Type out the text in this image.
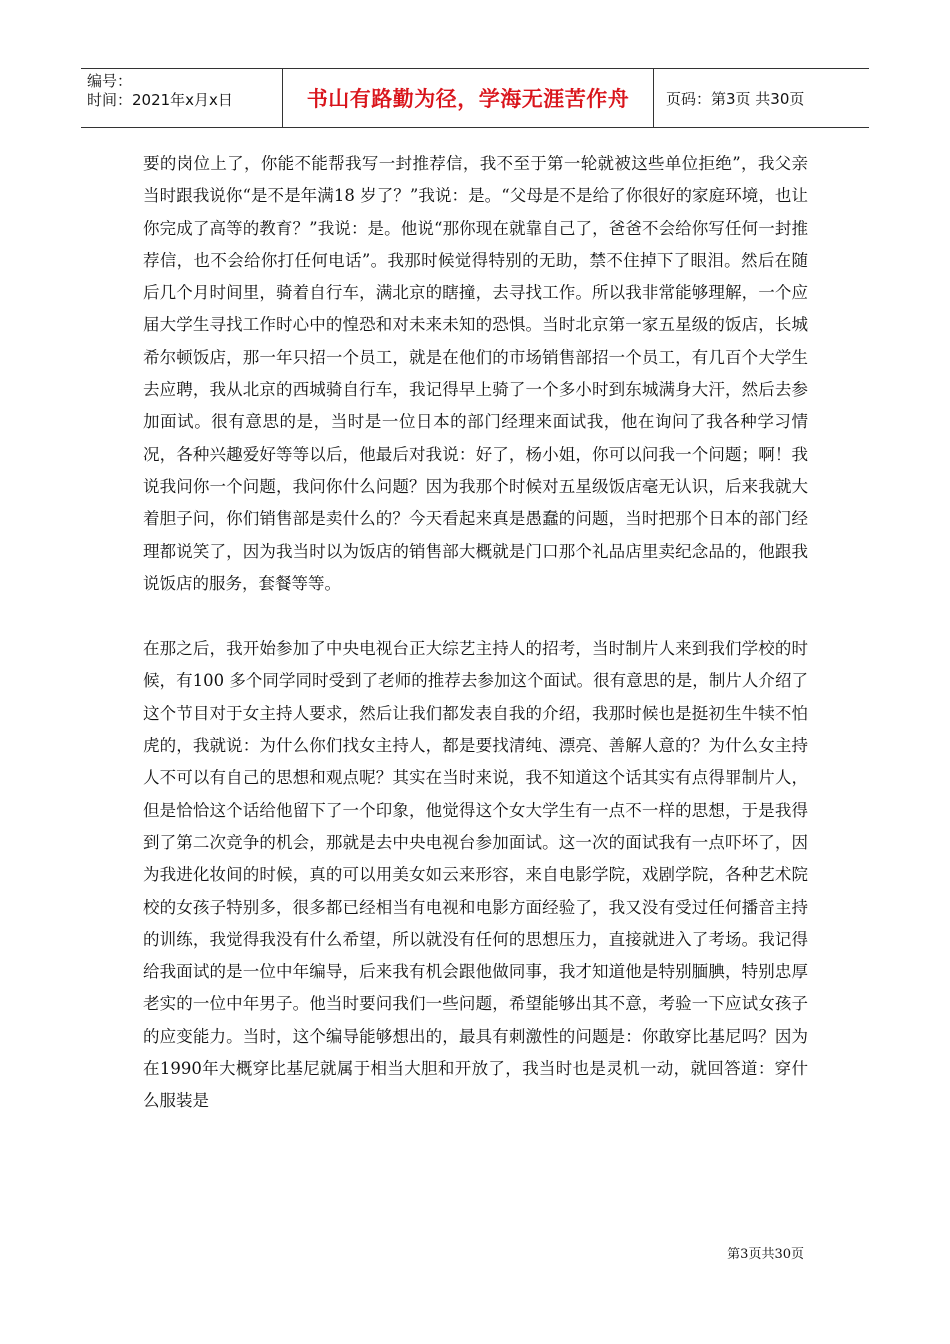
编号：
时间：2021年x月x日	书山有路勤为径，学海无涯苦作舟	页码：第3页 共30页

要的岗位上了，你能不能帮我写一封推荐信，我不至于第一轮就被这些单位拒绝”，我父亲当时跟我说你“是不是年满18 岁了？”我说：是。“父母是不是给了你很好的家庭环境，也让你完成了高等的教育？”我说：是。他说“那你现在就靠自己了，爸爸不会给你写任何一封推荐信，也不会给你打任何电话”。我那时候觉得特别的无助，禁不住掉下了眼泪。然后在随后几个月时间里，骑着自行车，满北京的瞎撞，去寻找工作。所以我非常能够理解，一个应届大学生寻找工作时心中的惶恐和对未来未知的恐惧。当时北京第一家五星级的饭店，长城希尔顿饭店，那一年只招一个员工，就是在他们的市场销售部招一个员工，有几百个大学生去应聘，我从北京的西城骑自行车，我记得早上骑了一个多小时到东城满身大汗，然后去参加面试。很有意思的是，当时是一位日本的部门经理来面试我，他在询问了我各种学习情况，各种兴趣爱好等等以后，他最后对我说：好了，杨小姐，你可以问我一个问题；啊！我说我问你一个问题，我问你什么问题？因为我那个时候对五星级饭店毫无认识，后来我就大着胆子问，你们销售部是卖什么的？今天看起来真是愚蠢的问题，当时把那个日本的部门经理都说笑了，因为我当时以为饭店的销售部大概就是门口那个礼品店里卖纪念品的，他跟我说饭店的服务，套餐等等。

在那之后，我开始参加了中央电视台正大综艺主持人的招考，当时制片人来到我们学校的时候，有100 多个同学同时受到了老师的推荐去参加这个面试。很有意思的是，制片人介绍了这个节目对于女主持人要求，然后让我们都发表自我的介绍，我那时候也是挺初生牛犊不怕虎的，我就说：为什么你们找女主持人，都是要找清纯、漂亮、善解人意的？为什么女主持人不可以有自己的思想和观点呢？其实在当时来说，我不知道这个话其实有点得罪制片人，但是恰恰这个话给他留下了一个印象，他觉得这个女大学生有一点不一样的思想，于是我得到了第二次竞争的机会，那就是去中央电视台参加面试。这一次的面试我有一点吓坏了，因为我进化妆间的时候，真的可以用美女如云来形容，来自电影学院，戏剧学院，各种艺术院校的女孩子特别多，很多都已经相当有电视和电影方面经验了，我又没有受过任何播音主持的训练，我觉得我没有什么希望，所以就没有任何的思想压力，直接就进入了考场。我记得给我面试的是一位中年编导，后来我有机会跟他做同事，我才知道他是特别腼腆，特别忠厚老实的一位中年男子。他当时要问我们一些问题，希望能够出其不意，考验一下应试女孩子的应变能力。当时，这个编导能够想出的，最具有刺激性的问题是：你敢穿比基尼吗？因为在1990年大概穿比基尼就属于相当大胆和开放了，我当时也是灵机一动，就回答道：穿什么服装是

第3页共30页
